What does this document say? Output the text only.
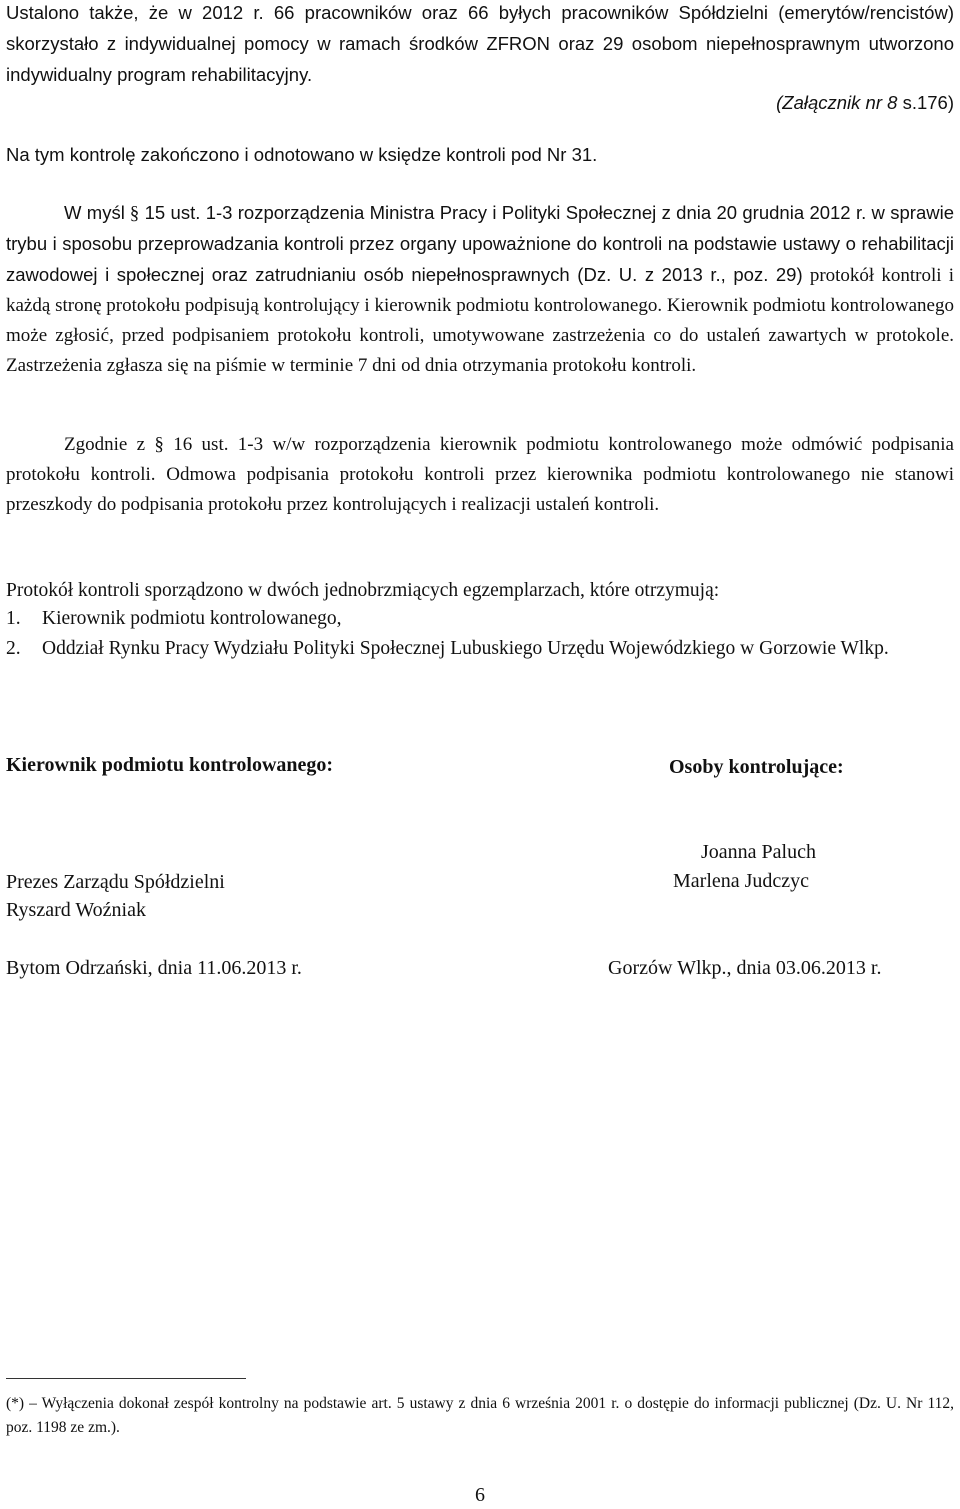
Ustalono także, że w 2012 r. 66 pracowników oraz 66 byłych pracowników Spółdzielni (emerytów/rencistów) skorzystało z indywidualnej pomocy w ramach środków ZFRON oraz 29 osobom niepełnosprawnym utworzono indywidualny program rehabilitacyjny.

(Załącznik nr 8 s.176)

Na tym kontrolę zakończono i odnotowano w księdze kontroli pod Nr 31.

W myśl § 15 ust. 1-3 rozporządzenia Ministra Pracy i Polityki Społecznej z dnia 20 grudnia 2012 r. w sprawie trybu i sposobu przeprowadzania kontroli przez organy upoważnione do kontroli na podstawie ustawy o rehabilitacji zawodowej i społecznej oraz zatrudnianiu osób niepełnosprawnych (Dz. U. z 2013 r., poz. 29) protokół kontroli i każdą stronę protokołu podpisują kontrolujący i kierownik podmiotu kontrolowanego. Kierownik podmiotu kontrolowanego może zgłosić, przed podpisaniem protokołu kontroli, umotywowane zastrzeżenia co do ustaleń zawartych w protokole. Zastrzeżenia zgłasza się na piśmie w terminie 7 dni od dnia otrzymania protokołu kontroli.

Zgodnie z § 16 ust. 1-3 w/w rozporządzenia kierownik podmiotu kontrolowanego może odmówić podpisania protokołu kontroli. Odmowa podpisania protokołu kontroli przez kierownika podmiotu kontrolowanego nie stanowi przeszkody do podpisania protokołu przez kontrolujących i realizacji ustaleń kontroli.

Protokół kontroli sporządzono w dwóch jednobrzmiących egzemplarzach, które otrzymują:

1. Kierownik podmiotu kontrolowanego,
2. Oddział Rynku Pracy Wydziału Polityki Społecznej Lubuskiego Urzędu Wojewódzkiego w Gorzowie Wlkp.
Kierownik podmiotu kontrolowanego:	Osoby kontrolujące:
Joanna Paluch
Marlena Judczyc
Prezes Zarządu Spółdzielni
Ryszard Woźniak
Bytom Odrzański, dnia 11.06.2013 r.	Gorzów Wlkp., dnia 03.06.2013 r.
(*) – Wyłączenia dokonał zespół kontrolny na podstawie art. 5 ustawy z dnia 6 września 2001 r. o dostępie do informacji publicznej (Dz. U. Nr 112, poz. 1198 ze zm.).
6
